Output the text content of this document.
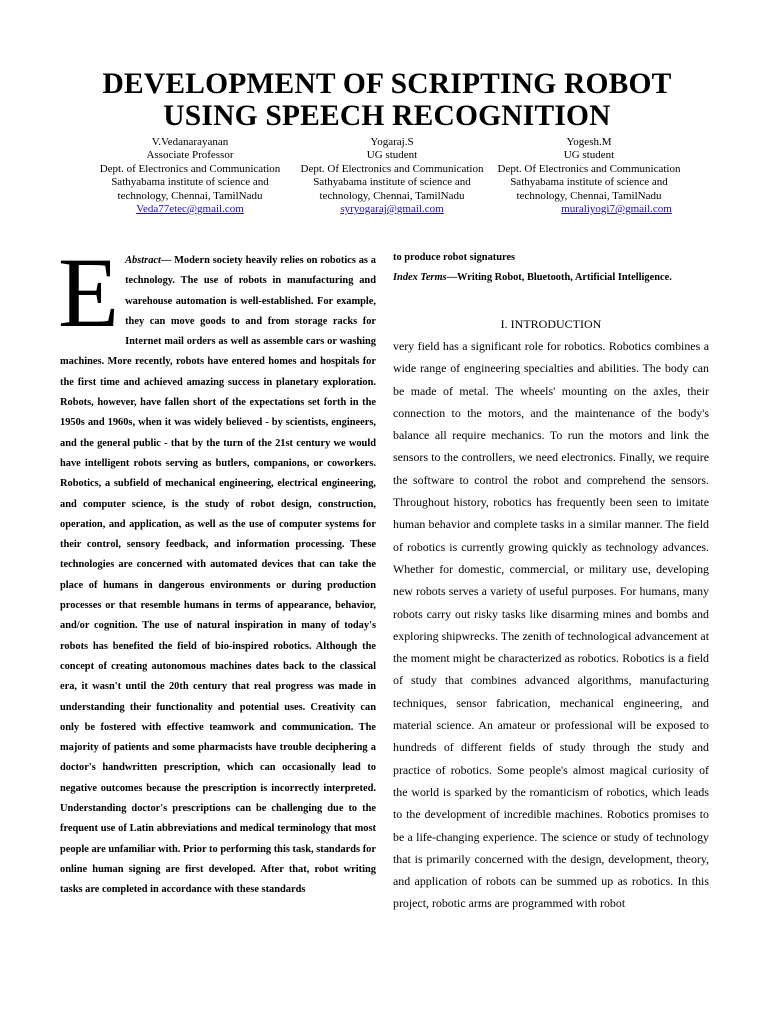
DEVELOPMENT OF SCRIPTING ROBOT
USING SPEECH RECOGNITION
V.Vedanarayanan
Associate Professor
Dept. of Electronics and Communication
Sathyabama institute of science and
technology, Chennai, TamilNadu
Veda77etec@gmail.com
Yogaraj.S
UG student
Dept. Of Electronics and Communication
Sathyabama institute of science and
technology, Chennai, TamilNadu
syryogaraj@gmail.com
Yogesh.M
UG student
Dept. Of Electronics and Communication
Sathyabama institute of science and
technology, Chennai, TamilNadu
muraliyogi7@gmail.com
E Abstract— Modern society heavily relies on robotics as a technology. The use of robots in manufacturing and warehouse automation is well-established. For example, they can move goods to and from storage racks for Internet mail orders as well as assemble cars or washing machines. More recently, robots have entered homes and hospitals for the first time and achieved amazing success in planetary exploration. Robots, however, have fallen short of the expectations set forth in the 1950s and 1960s, when it was widely believed - by scientists, engineers, and the general public - that by the turn of the 21st century we would have intelligent robots serving as butlers, companions, or coworkers. Robotics, a subfield of mechanical engineering, electrical engineering, and computer science, is the study of robot design, construction, operation, and application, as well as the use of computer systems for their control, sensory feedback, and information processing. These technologies are concerned with automated devices that can take the place of humans in dangerous environments or during production processes or that resemble humans in terms of appearance, behavior, and/or cognition. The use of natural inspiration in many of today's robots has benefited the field of bio-inspired robotics. Although the concept of creating autonomous machines dates back to the classical era, it wasn't until the 20th century that real progress was made in understanding their functionality and potential uses. Creativity can only be fostered with effective teamwork and communication. The majority of patients and some pharmacists have trouble deciphering a doctor's handwritten prescription, which can occasionally lead to negative outcomes because the prescription is incorrectly interpreted. Understanding doctor's prescriptions can be challenging due to the frequent use of Latin abbreviations and medical terminology that most people are unfamiliar with. Prior to performing this task, standards for online human signing are first developed. After that, robot writing tasks are completed in accordance with these standards
to produce robot signatures
Index Terms—Writing Robot, Bluetooth, Artificial Intelligence.
I. INTRODUCTION
very field has a significant role for robotics. Robotics combines a wide range of engineering specialties and abilities. The body can be made of metal. The wheels' mounting on the axles, their connection to the motors, and the maintenance of the body's balance all require mechanics. To run the motors and link the sensors to the controllers, we need electronics. Finally, we require the software to control the robot and comprehend the sensors. Throughout history, robotics has frequently been seen to imitate human behavior and complete tasks in a similar manner. The field of robotics is currently growing quickly as technology advances. Whether for domestic, commercial, or military use, developing new robots serves a variety of useful purposes. For humans, many robots carry out risky tasks like disarming mines and bombs and exploring shipwrecks. The zenith of technological advancement at the moment might be characterized as robotics. Robotics is a field of study that combines advanced algorithms, manufacturing techniques, sensor fabrication, mechanical engineering, and material science. An amateur or professional will be exposed to hundreds of different fields of study through the study and practice of robotics. Some people's almost magical curiosity of the world is sparked by the romanticism of robotics, which leads to the development of incredible machines. Robotics promises to be a life-changing experience. The science or study of technology that is primarily concerned with the design, development, theory, and application of robots can be summed up as robotics. In this project, robotic arms are programmed with robot
